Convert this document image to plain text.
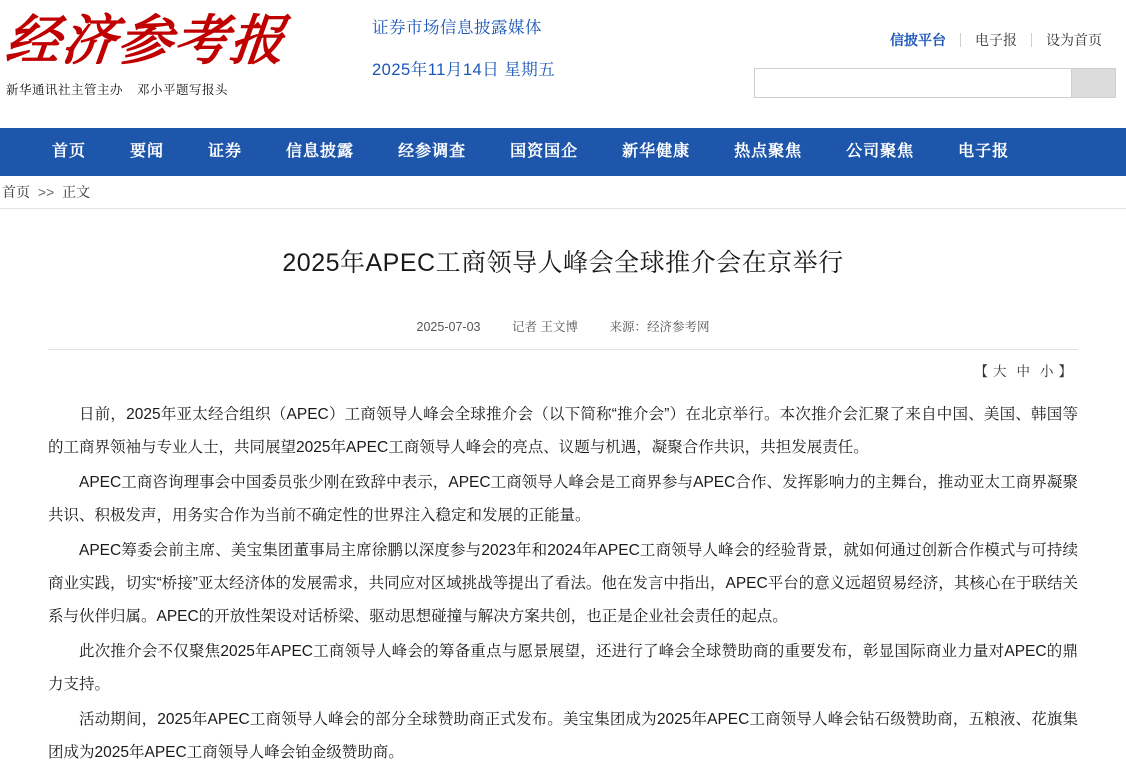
经济参考报
新华通讯社主管主办 邓小平题写报头
证券市场信息披露媒体
2025年11月14日 星期五
信披平台	电子报	设为首页
首页	要闻	证券	信息披露	经参调查	国资国企	新华健康	热点聚焦	公司聚焦	电子报
首页 >> 正文
2025年APEC工商领导人峰会全球推介会在京举行
2025-07-03	记者 王文博	来源：经济参考网
【 大 中 小 】

日前，2025年亚太经合组织（APEC）工商领导人峰会全球推介会（以下简称“推介会”）在北京举行。本次推介会汇聚了来自中国、美国、韩国等的工商界领袖与专业人士，共同展望2025年APEC工商领导人峰会的亮点、议题与机遇，凝聚合作共识，共担发展责任。

APEC工商咨询理事会中国委员张少刚在致辞中表示，APEC工商领导人峰会是工商界参与APEC合作、发挥影响力的主舞台，推动亚太工商界凝聚共识、积极发声，用务实合作为当前不确定性的世界注入稳定和发展的正能量。

APEC筹委会前主席、美宝集团董事局主席徐鹏以深度参与2023年和2024年APEC工商领导人峰会的经验背景，就如何通过创新合作模式与可持续商业实践，切实“桥接”亚太经济体的发展需求，共同应对区域挑战等提出了看法。他在发言中指出，APEC平台的意义远超贸易经济，其核心在于联结关系与伙伴归属。APEC的开放性架设对话桥梁、驱动思想碰撞与解决方案共创，也正是企业社会责任的起点。

此次推介会不仅聚焦2025年APEC工商领导人峰会的筹备重点与愿景展望，还进行了峰会全球赞助商的重要发布，彰显国际商业力量对APEC的鼎力支持。

活动期间，2025年APEC工商领导人峰会的部分全球赞助商正式发布。美宝集团成为2025年APEC工商领导人峰会钻石级赞助商，五粮液、花旗集团成为2025年APEC工商领导人峰会铂金级赞助商。
